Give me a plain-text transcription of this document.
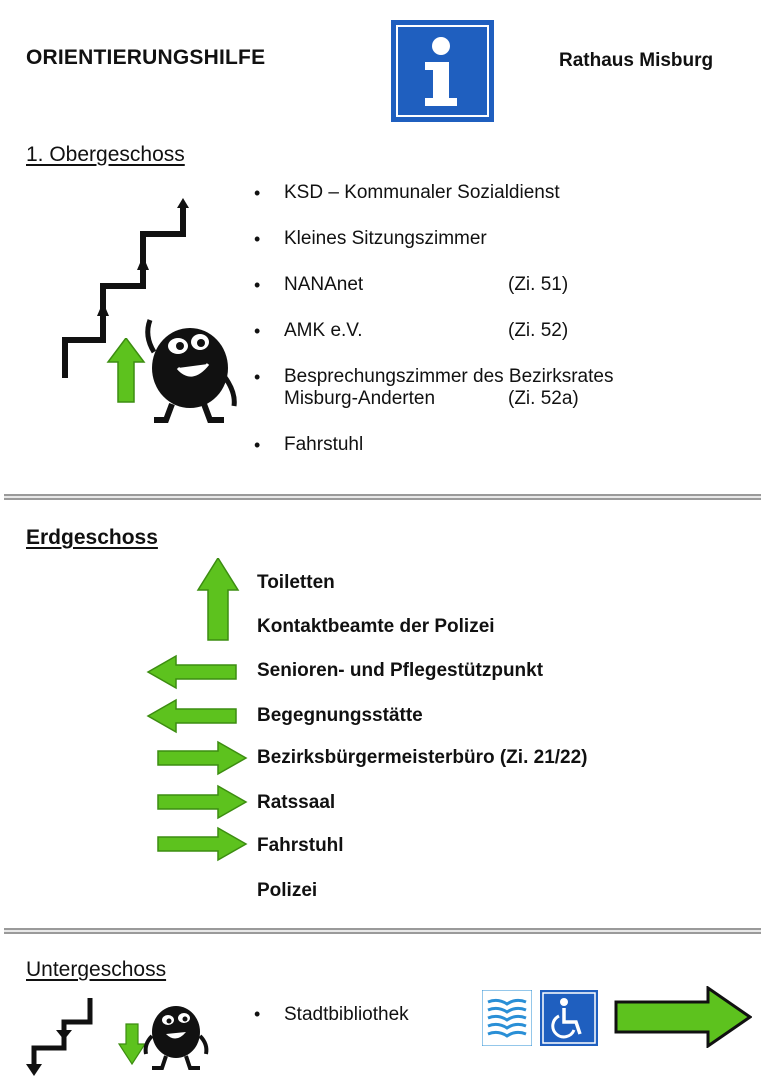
ORIENTIERUNGSHILFE	Rathaus Misburg
1. Obergeschoss
• KSD – Kommunaler Sozialdienst
• Kleines Sitzungszimmer
• NANAnet	(Zi. 51)
• AMK e.V.	(Zi. 52)
• Besprechungszimmer des Bezirksrates
Misburg-Anderten	(Zi. 52a)
• Fahrstuhl
Erdgeschoss
Toiletten
Kontaktbeamte der Polizei
Senioren- und Pflegestützpunkt
Begegnungsstätte
Bezirksbürgermeisterbüro (Zi. 21/22)
Ratssaal
Fahrstuhl
Polizei
Untergeschoss
• Stadtbibliothek
